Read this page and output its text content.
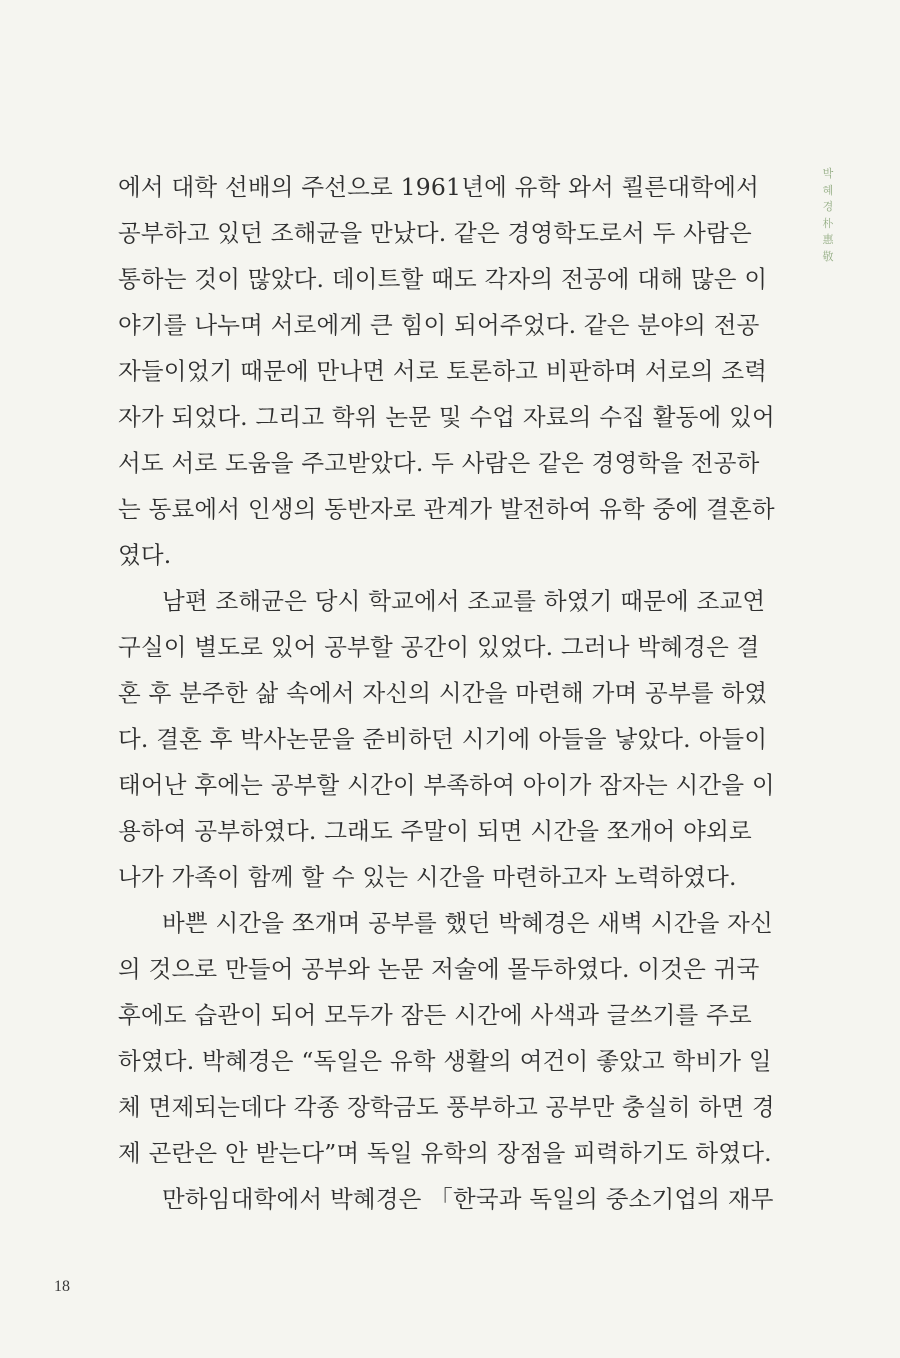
박
혜
경
朴
惠
敬
에서 대학 선배의 주선으로 1961년에 유학 와서 쾰른대학에서
공부하고 있던 조해균을 만났다. 같은 경영학도로서 두 사람은
통하는 것이 많았다. 데이트할 때도 각자의 전공에 대해 많은 이
야기를 나누며 서로에게 큰 힘이 되어주었다. 같은 분야의 전공
자들이었기 때문에 만나면 서로 토론하고 비판하며 서로의 조력
자가 되었다. 그리고 학위 논문 및 수업 자료의 수집 활동에 있어
서도 서로 도움을 주고받았다. 두 사람은 같은 경영학을 전공하
는 동료에서 인생의 동반자로 관계가 발전하여 유학 중에 결혼하
였다.
남편 조해균은 당시 학교에서 조교를 하였기 때문에 조교연
구실이 별도로 있어 공부할 공간이 있었다. 그러나 박혜경은 결
혼 후 분주한 삶 속에서 자신의 시간을 마련해 가며 공부를 하였
다. 결혼 후 박사논문을 준비하던 시기에 아들을 낳았다. 아들이
태어난 후에는 공부할 시간이 부족하여 아이가 잠자는 시간을 이
용하여 공부하였다. 그래도 주말이 되면 시간을 쪼개어 야외로
나가 가족이 함께 할 수 있는 시간을 마련하고자 노력하였다.
바쁜 시간을 쪼개며 공부를 했던 박혜경은 새벽 시간을 자신
의 것으로 만들어 공부와 논문 저술에 몰두하였다. 이것은 귀국
후에도 습관이 되어 모두가 잠든 시간에 사색과 글쓰기를 주로
하였다. 박혜경은 “독일은 유학 생활의 여건이 좋았고 학비가 일
체 면제되는데다 각종 장학금도 풍부하고 공부만 충실히 하면 경
제 곤란은 안 받는다”며 독일 유학의 장점을 피력하기도 하였다.
만하임대학에서 박혜경은 「한국과 독일의 중소기업의 재무
18
